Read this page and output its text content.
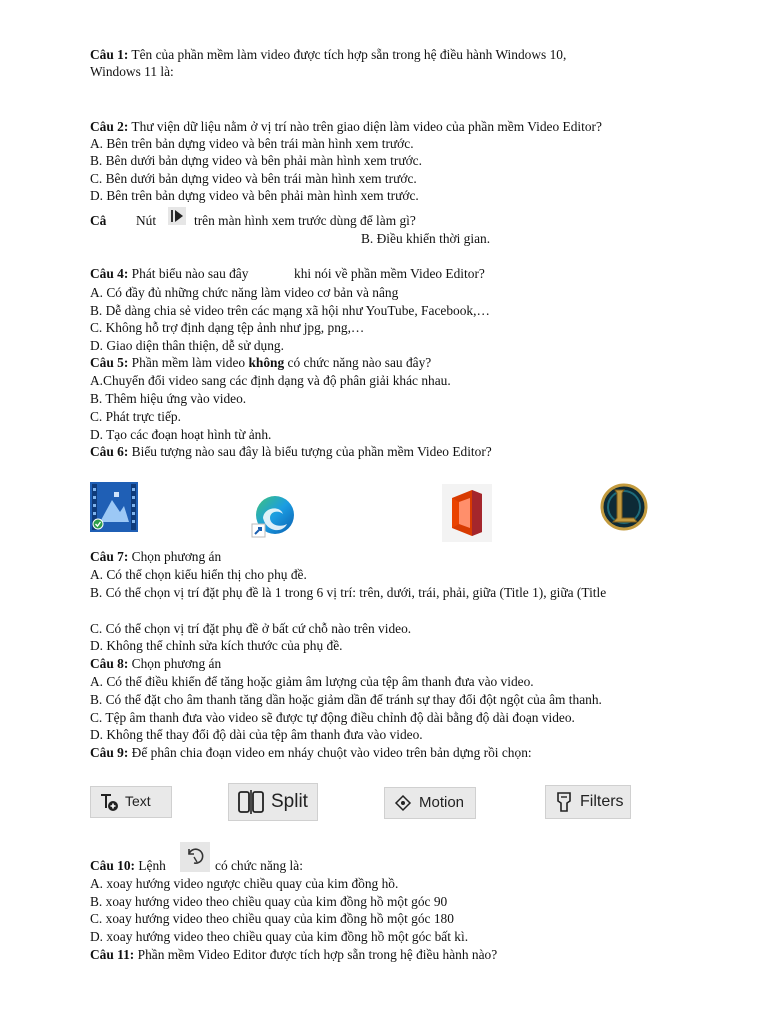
Câu 1: Tên của phần mềm làm video được tích hợp sẵn trong hệ điều hành Windows 10,
Windows 11 là:
Câu 2: Thư viện dữ liệu nằm ở vị trí nào trên giao diện làm video của phần mềm Video Editor?
A. Bên trên bản dựng video và bên trái màn hình xem trước.
B. Bên dưới bản dựng video và bên phải màn hình xem trước.
C. Bên dưới bản dựng video và bên trái màn hình xem trước.
D. Bên trên bản dựng video và bên phải màn hình xem trước.
Câ Nút	trên màn hình xem trước dùng để làm gì?
B. Điều khiển thời gian.
Câu 4: Phát biểu nào sau đây	khi nói về phần mềm Video Editor?
A. Có đầy đủ những chức năng làm video cơ bản và nâng
B. Dễ dàng chia sẻ video trên các mạng xã hội như YouTube, Facebook,…
C. Không hỗ trợ định dạng tệp ảnh như jpg, png,…
D. Giao diện thân thiện, dễ sử dụng.
Câu 5: Phần mềm làm video không có chức năng nào sau đây?
A.Chuyển đổi video sang các định dạng và độ phân giải khác nhau.
B. Thêm hiệu ứng vào video.
C. Phát trực tiếp.
D. Tạo các đoạn hoạt hình từ ảnh.
Câu 6: Biểu tượng nào sau đây là biểu tượng của phần mềm Video Editor?
Câu 7: Chọn phương án
A. Có thể chọn kiểu hiển thị cho phụ đề.
B. Có thể chọn vị trí đặt phụ đề là 1 trong 6 vị trí: trên, dưới, trái, phải, giữa (Title 1), giữa (Title
C. Có thể chọn vị trí đặt phụ đề ở bất cứ chỗ nào trên video.
D. Không thể chỉnh sửa kích thước của phụ đề.
Câu 8: Chọn phương án
A. Có thể điều khiển để tăng hoặc giảm âm lượng của tệp âm thanh đưa vào video.
B. Có thể đặt cho âm thanh tăng dần hoặc giảm dần để tránh sự thay đổi đột ngột của âm thanh.
C. Tệp âm thanh đưa vào video sẽ được tự động điều chỉnh độ dài bằng độ dài đoạn video.
D. Không thể thay đổi độ dài của tệp âm thanh đưa vào video.
Câu 9: Để phân chia đoạn video em nháy chuột vào video trên bản dựng rồi chọn:
Text	Split	Motion	Filters
Câu 10: Lệnh	có chức năng là:
A. xoay hướng video ngược chiều quay của kim đồng hồ.
B. xoay hướng video theo chiều quay của kim đồng hồ một góc 90
C. xoay hướng video theo chiều quay của kim đồng hồ một góc 180
D. xoay hướng video theo chiều quay của kim đồng hồ một góc bất kì.
Câu 11: Phần mềm Video Editor được tích hợp sẵn trong hệ điều hành nào?
